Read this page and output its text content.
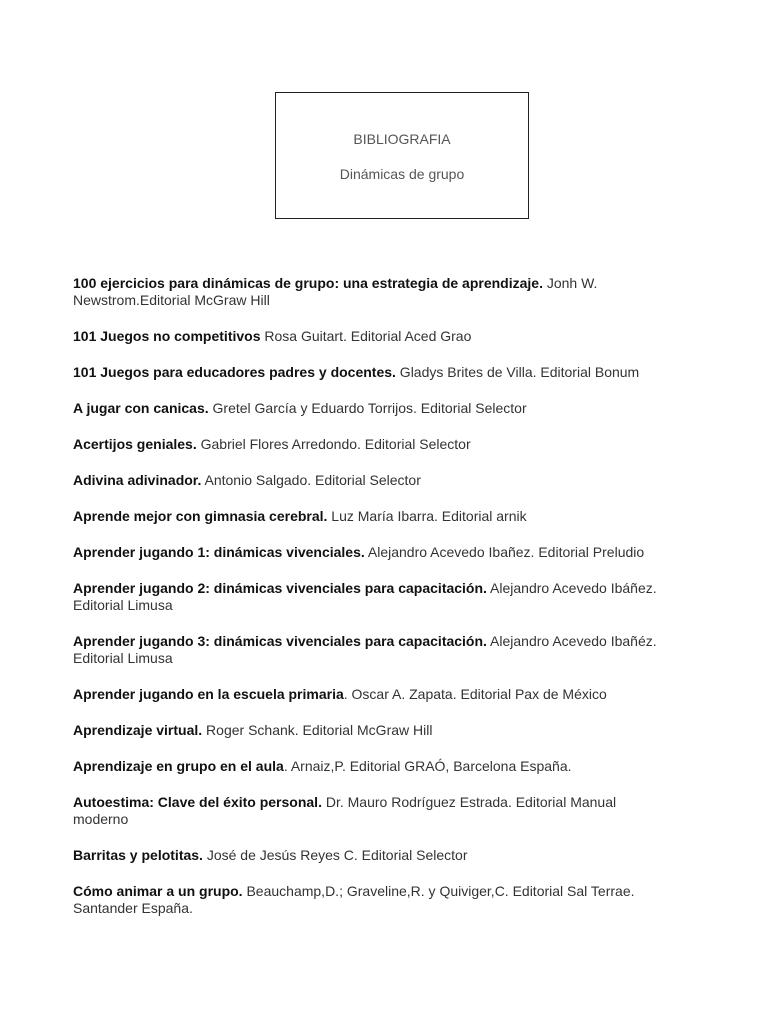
BIBLIOGRAFIA
Dinámicas de grupo
100 ejercicios para dinámicas de grupo: una estrategia de aprendizaje. Jonh W. Newstrom.Editorial McGraw Hill
101 Juegos no competitivos Rosa Guitart. Editorial Aced Grao
101 Juegos para educadores padres y docentes. Gladys Brites de Villa. Editorial Bonum
A jugar con canicas. Gretel García y Eduardo Torrijos. Editorial Selector
Acertijos geniales. Gabriel Flores Arredondo. Editorial Selector
Adivina adivinador. Antonio Salgado. Editorial Selector
Aprende mejor con gimnasia cerebral. Luz María Ibarra. Editorial arnik
Aprender jugando 1: dinámicas vivenciales. Alejandro Acevedo Ibañez. Editorial Preludio
Aprender jugando 2: dinámicas vivenciales para capacitación. Alejandro Acevedo Ibáñez. Editorial Limusa
Aprender jugando 3: dinámicas vivenciales para capacitación. Alejandro Acevedo Ibañéz. Editorial Limusa
Aprender jugando en la escuela primaria. Oscar A. Zapata. Editorial Pax de México
Aprendizaje virtual. Roger Schank. Editorial McGraw Hill
Aprendizaje en grupo en el aula. Arnaiz,P. Editorial GRAÓ, Barcelona España.
Autoestima: Clave del éxito personal. Dr. Mauro Rodríguez Estrada. Editorial Manual moderno
Barritas y pelotitas. José de Jesús Reyes C. Editorial Selector
Cómo animar a un grupo. Beauchamp,D.; Graveline,R. y Quiviger,C. Editorial Sal Terrae. Santander España.
